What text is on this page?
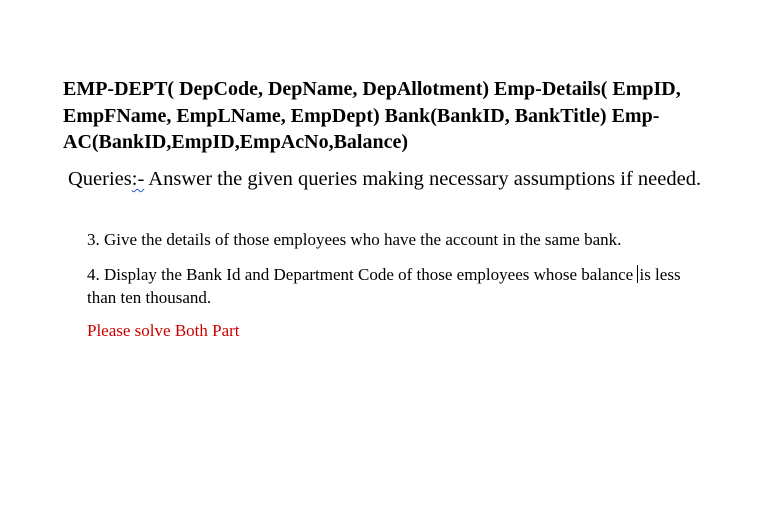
EMP-DEPT( DepCode, DepName, DepAllotment) Emp-Details( EmpID, EmpFName, EmpLName, EmpDept) Bank(BankID, BankTitle) Emp-AC(BankID,EmpID,EmpAcNo,Balance)

Queries:- Answer the given queries making necessary assumptions if needed.

3. Give the details of those employees who have the account in the same bank.

4. Display the Bank Id and Department Code of those employees whose balance is less than ten thousand.

Please solve Both Part
